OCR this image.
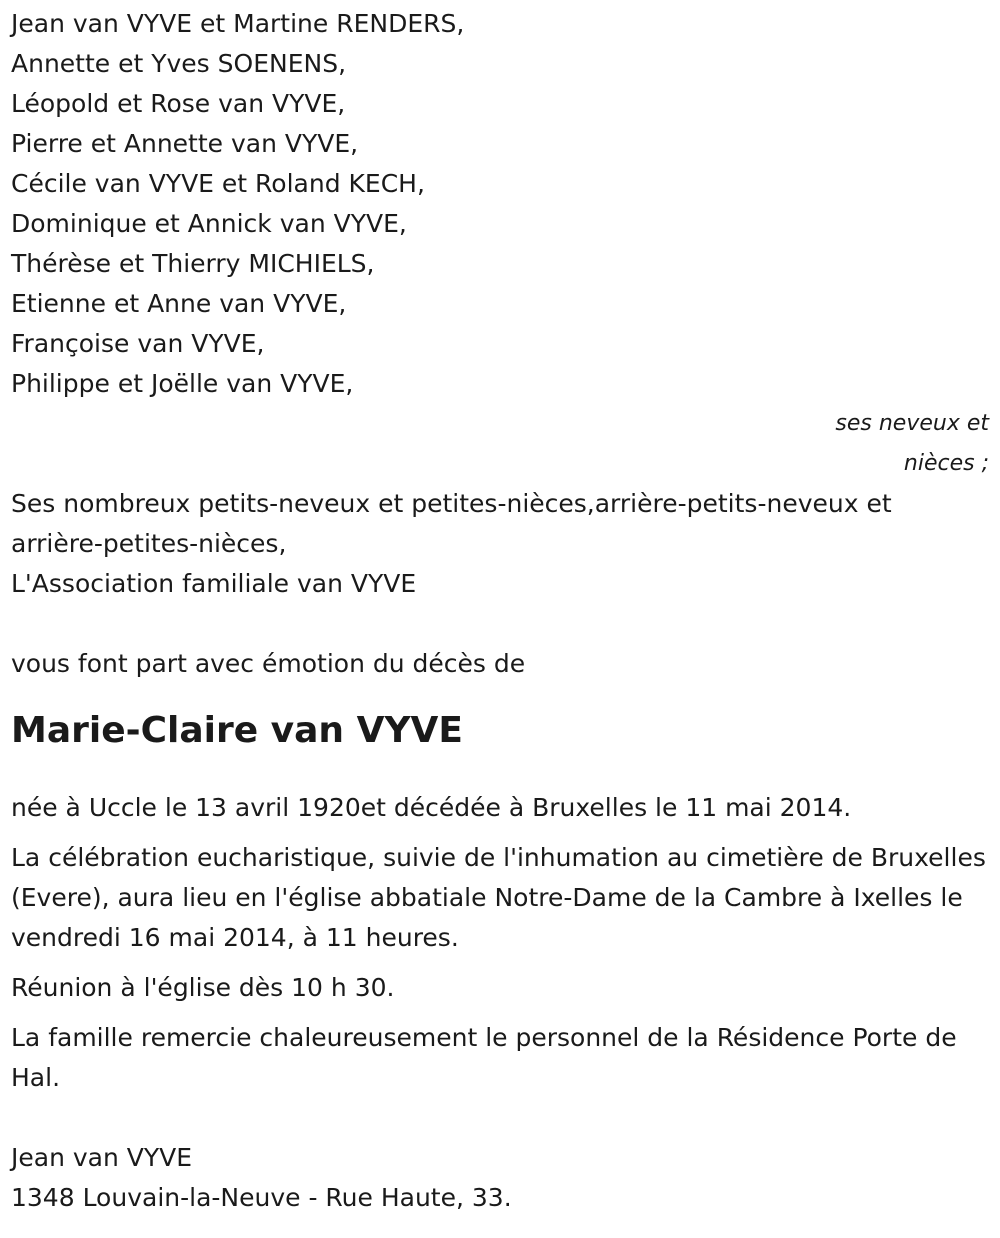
Jean van VYVE et Martine RENDERS,
Annette et Yves SOENENS,
Léopold et Rose van VYVE,
Pierre et Annette van VYVE,
Cécile van VYVE et Roland KECH,
Dominique et Annick van VYVE,
Thérèse et Thierry MICHIELS,
Etienne et Anne van VYVE,
Françoise van VYVE,
Philippe et Joëlle van VYVE,
ses neveux et
nièces ;
Ses nombreux petits-neveux et petites-nièces,arrière-petits-neveux et arrière-petites-nièces,
L'Association familiale van VYVE
vous font part avec émotion du décès de
Marie-Claire van VYVE
née à Uccle le 13 avril 1920et décédée à Bruxelles le 11 mai 2014.
La célébration eucharistique, suivie de l'inhumation au cimetière de Bruxelles (Evere), aura lieu en l'église abbatiale Notre-Dame de la Cambre à Ixelles le vendredi 16 mai 2014, à 11 heures.
Réunion à l'église dès 10 h 30.
La famille remercie chaleureusement le personnel de la Résidence Porte de Hal.
Jean van VYVE
1348 Louvain-la-Neuve - Rue Haute, 33.
